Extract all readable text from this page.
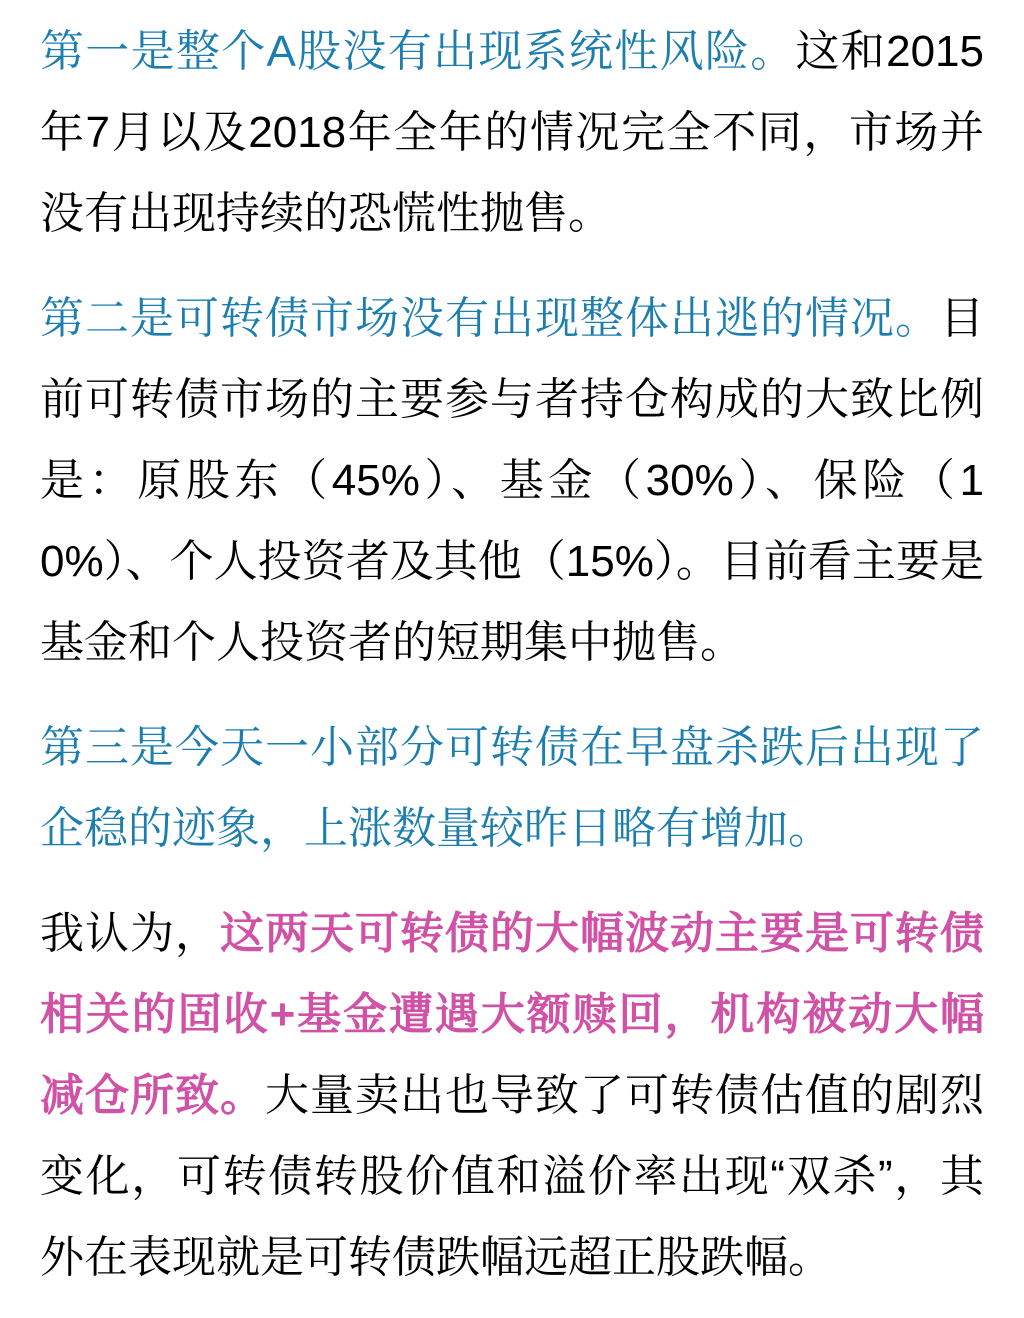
第一是整个A股没有出现系统性风险。这和2015年7月以及2018年全年的情况完全不同，市场并没有出现持续的恐慌性抛售。

第二是可转债市场没有出现整体出逃的情况。目前可转债市场的主要参与者持仓构成的大致比例是：原股东（45%）、基金（30%）、保险（10%）、个人投资者及其他（15%）。目前看主要是基金和个人投资者的短期集中抛售。

第三是今天一小部分可转债在早盘杀跌后出现了企稳的迹象，上涨数量较昨日略有增加。

我认为，这两天可转债的大幅波动主要是可转债相关的固收+基金遭遇大额赎回，机构被动大幅减仓所致。大量卖出也导致了可转债估值的剧烈变化，可转债转股价值和溢价率出现“双杀”，其外在表现就是可转债跌幅远超正股跌幅。
